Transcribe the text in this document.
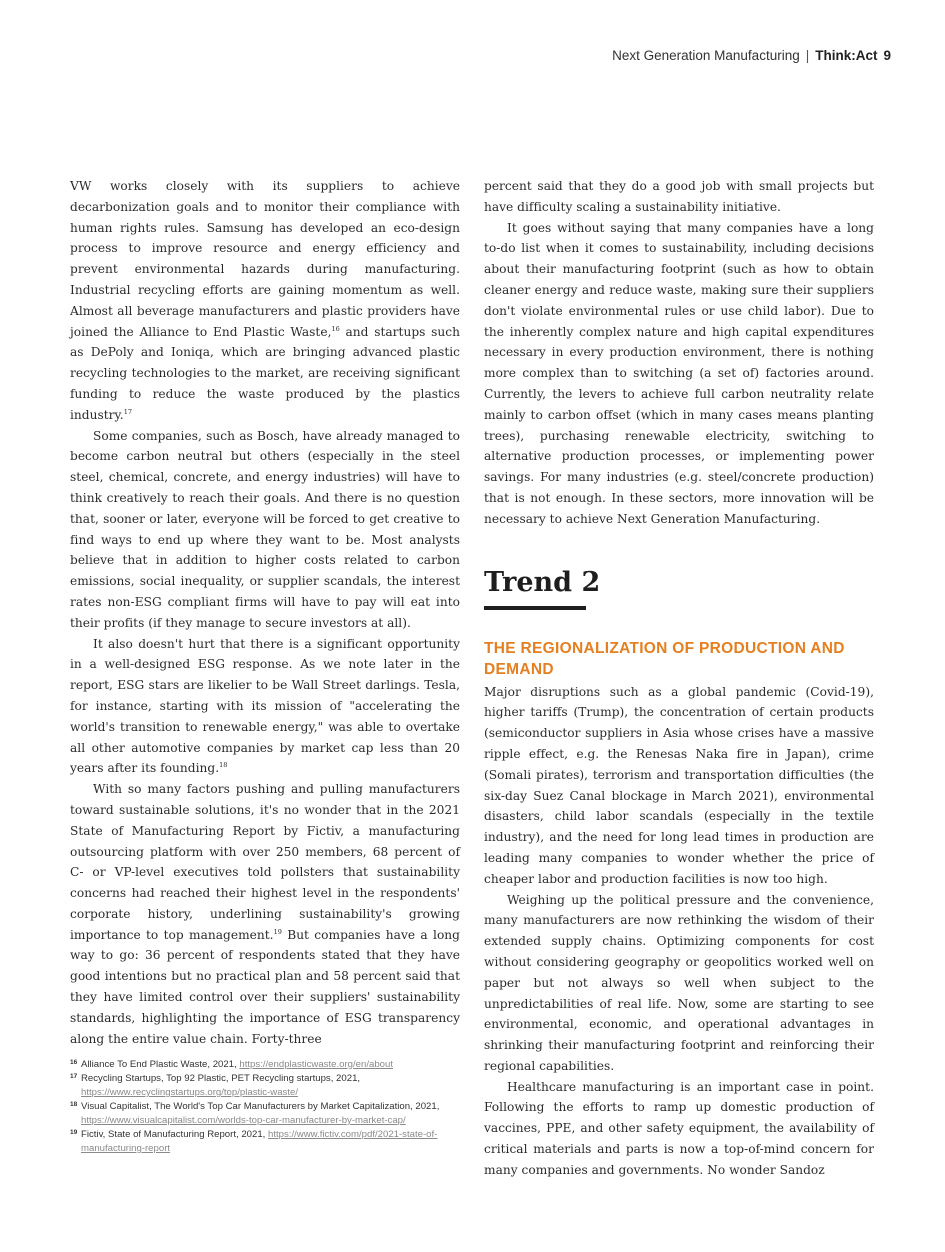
Next Generation Manufacturing | Think:Act 9

VW works closely with its suppliers to achieve decarbonization goals and to monitor their compliance with human rights rules. Samsung has developed an eco-design process to improve resource and energy efficiency and prevent environmental hazards during manufacturing. Industrial recycling efforts are gaining momentum as well. Almost all beverage manufacturers and plastic providers have joined the Alliance to End Plastic Waste,$^{16}$ and startups such as DePoly and Ioniqa, which are bringing advanced plastic recycling technologies to the market, are receiving significant funding to reduce the waste produced by the plastics industry.$^{17}$

Some companies, such as Bosch, have already managed to become carbon neutral but others (especially in the steel steel, chemical, concrete, and energy industries) will have to think creatively to reach their goals. And there is no question that, sooner or later, everyone will be forced to get creative to find ways to end up where they want to be. Most analysts believe that in addition to higher costs related to carbon emissions, social inequality, or supplier scandals, the interest rates non-ESG compliant firms will have to pay will eat into their profits (if they manage to secure investors at all).

It also doesn't hurt that there is a significant opportunity in a well-designed ESG response. As we note later in the report, ESG stars are likelier to be Wall Street darlings. Tesla, for instance, starting with its mission of "accelerating the world's transition to renewable energy," was able to overtake all other automotive companies by market cap less than 20 years after its founding.$^{18}$

With so many factors pushing and pulling manufacturers toward sustainable solutions, it's no wonder that in the 2021 State of Manufacturing Report by Fictiv, a manufacturing outsourcing platform with over 250 members, 68 percent of C- or VP-level executives told pollsters that sustainability concerns had reached their highest level in the respondents' corporate history, underlining sustainability's growing importance to top management.$^{19}$ But companies have a long way to go: 36 percent of respondents stated that they have good intentions but no practical plan and 58 percent said that they have limited control over their suppliers' sustainability standards, highlighting the importance of ESG transparency along the entire value chain. Forty-three

percent said that they do a good job with small projects but have difficulty scaling a sustainability initiative.

It goes without saying that many companies have a long to-do list when it comes to sustainability, including decisions about their manufacturing footprint (such as how to obtain cleaner energy and reduce waste, making sure their suppliers don't violate environmental rules or use child labor). Due to the inherently complex nature and high capital expenditures necessary in every production environment, there is nothing more complex than to switching (a set of) factories around. Currently, the levers to achieve full carbon neutrality relate mainly to carbon offset (which in many cases means planting trees), purchasing renewable electricity, switching to alternative production processes, or implementing power savings. For many industries (e.g. steel/concrete production) that is not enough. In these sectors, more innovation will be necessary to achieve Next Generation Manufacturing.

Trend 2
THE REGIONALIZATION OF PRODUCTION AND DEMAND

Major disruptions such as a global pandemic (Covid-19), higher tariffs (Trump), the concentration of certain products (semiconductor suppliers in Asia whose crises have a massive ripple effect, e.g. the Renesas Naka fire in Japan), crime (Somali pirates), terrorism and transportation difficulties (the six-day Suez Canal blockage in March 2021), environmental disasters, child labor scandals (especially in the textile industry), and the need for long lead times in production are leading many companies to wonder whether the price of cheaper labor and production facilities is now too high.

Weighing up the political pressure and the convenience, many manufacturers are now rethinking the wisdom of their extended supply chains. Optimizing components for cost without considering geography or geopolitics worked well on paper but not always so well when subject to the unpredictabilities of real life. Now, some are starting to see environmental, economic, and operational advantages in shrinking their manufacturing footprint and reinforcing their regional capabilities.

Healthcare manufacturing is an important case in point. Following the efforts to ramp up domestic production of vaccines, PPE, and other safety equipment, the availability of critical materials and parts is now a top-of-mind concern for many companies and governments. No wonder Sandoz

16 Alliance To End Plastic Waste, 2021, https://endplasticwaste.org/en/about
17 Recycling Startups, Top 92 Plastic, PET Recycling startups, 2021, https://www.recyclingstartups.org/top/plastic-waste/
18 Visual Capitalist, The World's Top Car Manufacturers by Market Capitalization, 2021, https://www.visualcapitalist.com/worlds-top-car-manufacturer-by-market-cap/
19 Fictiv, State of Manufacturing Report, 2021, https://www.fictiv.com/pdf/2021-state-of-manufacturing-report
